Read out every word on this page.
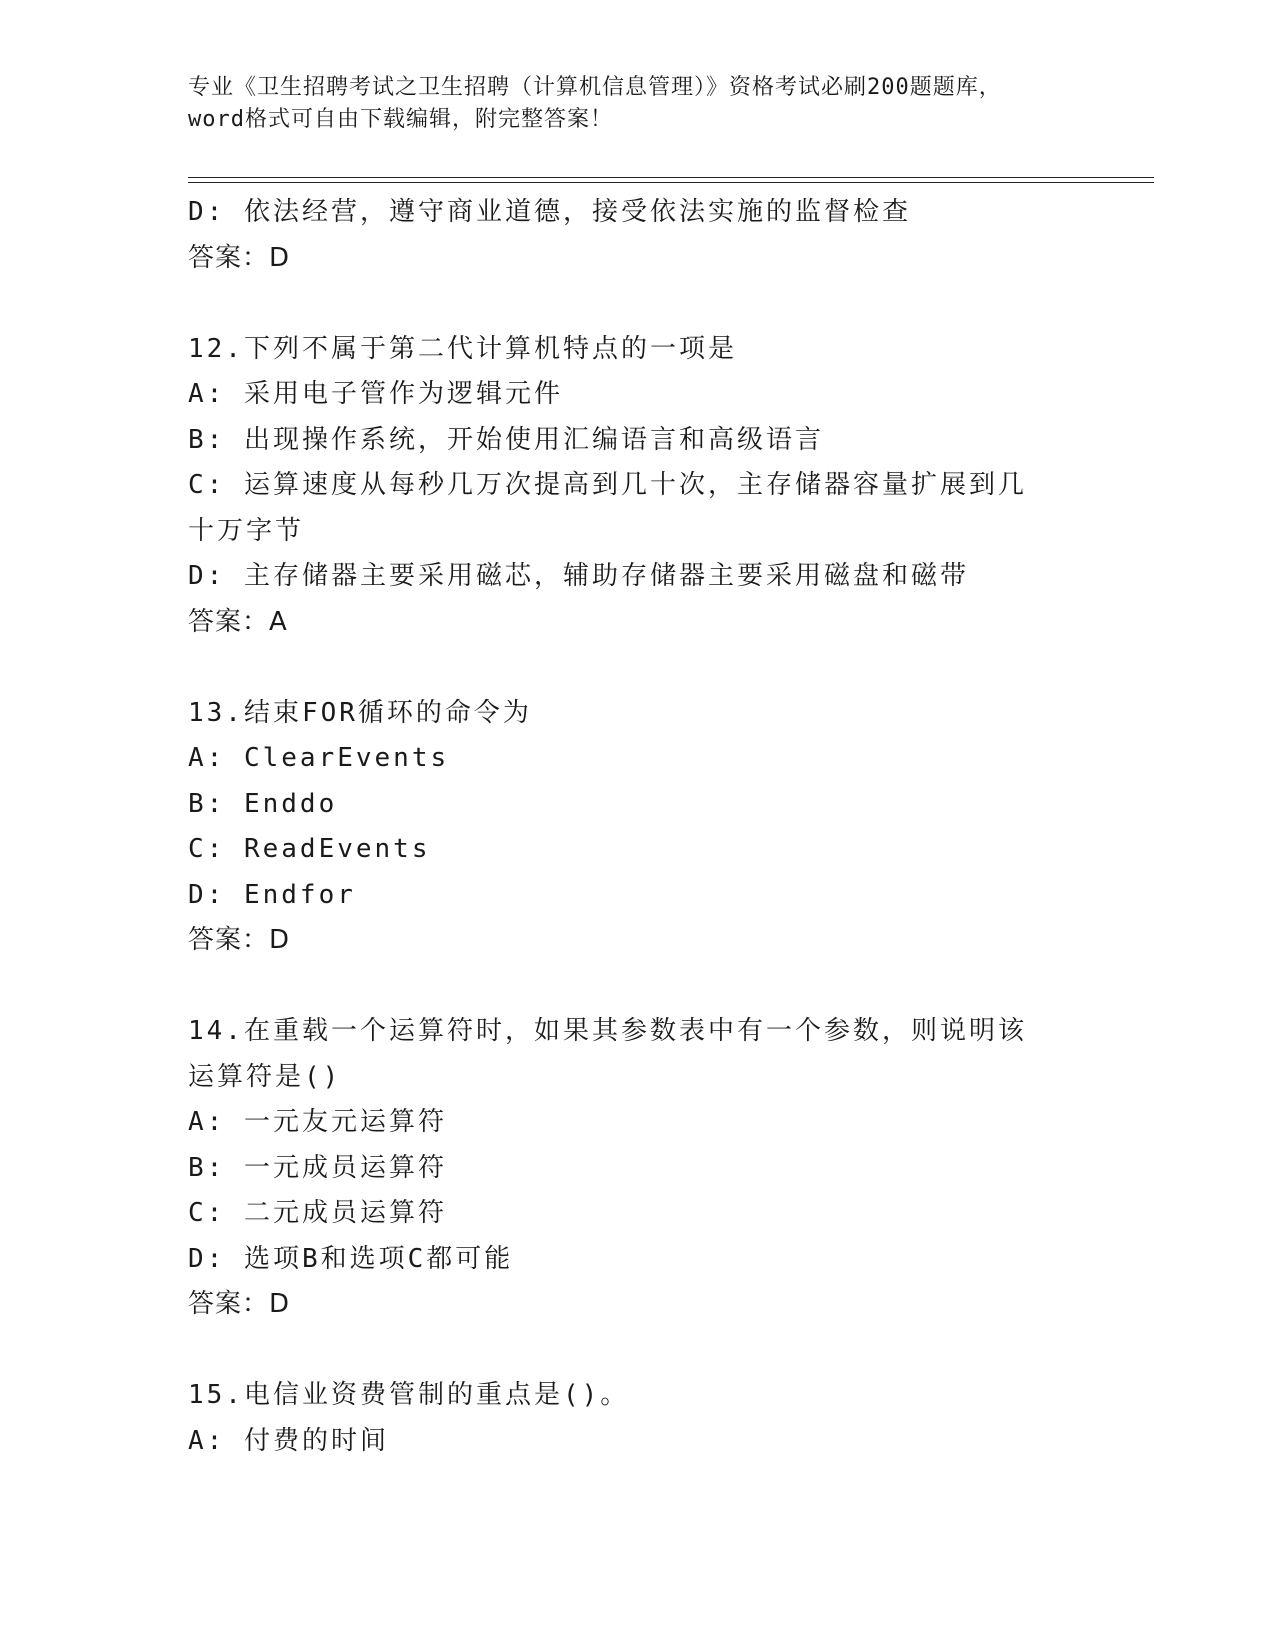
专业《卫生招聘考试之卫生招聘（计算机信息管理）》资格考试必刷200题题库，
word格式可自由下载编辑，附完整答案！
D: 依法经营，遵守商业道德，接受依法实施的监督检查
答案：D
12.下列不属于第二代计算机特点的一项是
A: 采用电子管作为逻辑元件
B: 出现操作系统，开始使用汇编语言和高级语言
C: 运算速度从每秒几万次提高到几十次，主存储器容量扩展到几十万字节
D: 主存储器主要采用磁芯，辅助存储器主要采用磁盘和磁带
答案：A
13.结束FOR循环的命令为
A: ClearEvents
B: Enddo
C: ReadEvents
D: Endfor
答案：D
14.在重载一个运算符时，如果其参数表中有一个参数，则说明该运算符是()
A: 一元友元运算符
B: 一元成员运算符
C: 二元成员运算符
D: 选项B和选项C都可能
答案：D
15.电信业资费管制的重点是()。
A: 付费的时间
